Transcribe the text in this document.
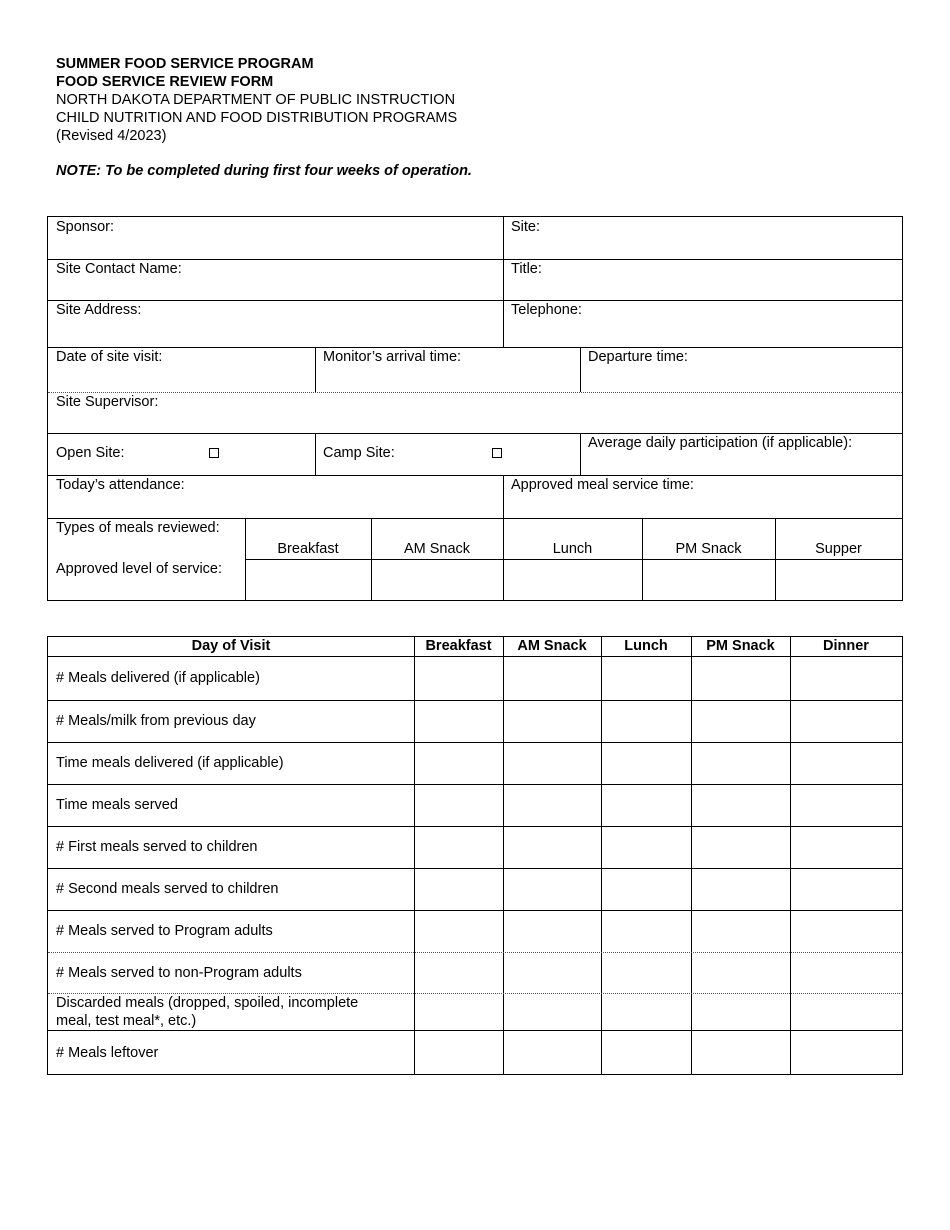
SUMMER FOOD SERVICE PROGRAM
FOOD SERVICE REVIEW FORM
NORTH DAKOTA DEPARTMENT OF PUBLIC INSTRUCTION
CHILD NUTRITION AND FOOD DISTRIBUTION PROGRAMS
(Revised 4/2023)
NOTE: To be completed during first four weeks of operation.
Sponsor:	Site:
Site Contact Name:	Title:
Site Address:	Telephone:
Date of site visit:	Monitor’s arrival time:	Departure time:
Site Supervisor:
Open Site:	Camp Site:
Average daily participation (if applicable):
Today’s attendance:	Approved meal service time:
Types of meals reviewed:
Approved level of service:
Breakfast	AM Snack	Lunch	PM Snack	Supper
Day of Visit	Breakfast	AM Snack	Lunch	PM Snack	Dinner
# Meals delivered (if applicable)
# Meals/milk from previous day
Time meals delivered (if applicable)
Time meals served
# First meals served to children
# Second meals served to children
# Meals served to Program adults
# Meals served to non-Program adults
Discarded meals (dropped, spoiled, incomplete meal, test meal*, etc.)
# Meals leftover
